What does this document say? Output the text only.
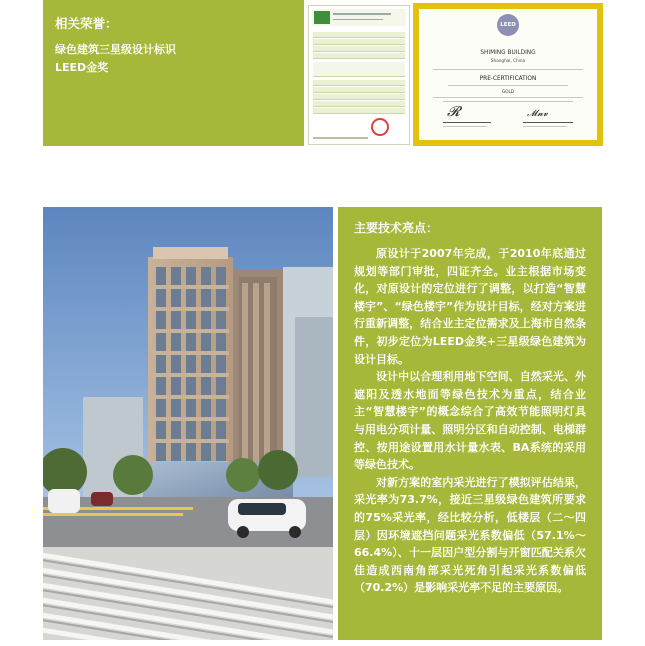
相关荣誉：
绿色建筑三星级设计标识
LEED金奖
LEED
SHIMING BUILDING
Shanghai, China
PRE-CERTIFICATION
GOLD
𝓡	𝓜𝓷𝓿
主要技术亮点：

原设计于2007年完成，于2010年底通过规划等部门审批，四证齐全。业主根据市场变化，对原设计的定位进行了调整，以打造“智慧楼宇”、“绿色楼宇”作为设计目标，经对方案进行重新调整，结合业主定位需求及上海市自然条件，初步定位为LEED金奖+三星级绿色建筑为设计目标。

设计中以合理利用地下空间、自然采光、外遮阳及透水地面等绿色技术为重点，结合业主“智慧楼宇”的概念综合了高效节能照明灯具与用电分项计量、照明分区和自动控制、电梯群控、按用途设置用水计量水表、BA系统的采用等绿色技术。

对新方案的室内采光进行了模拟评估结果，采光率为73.7%，接近三星级绿色建筑所要求的75%采光率，经比较分析，低楼层（二～四层）因环境遮挡问题采光系数偏低（57.1%～66.4%）、十一层因户型分割与开窗匹配关系欠佳造成西南角部采光死角引起采光系数偏低（70.2%）是影响采光率不足的主要原因。
